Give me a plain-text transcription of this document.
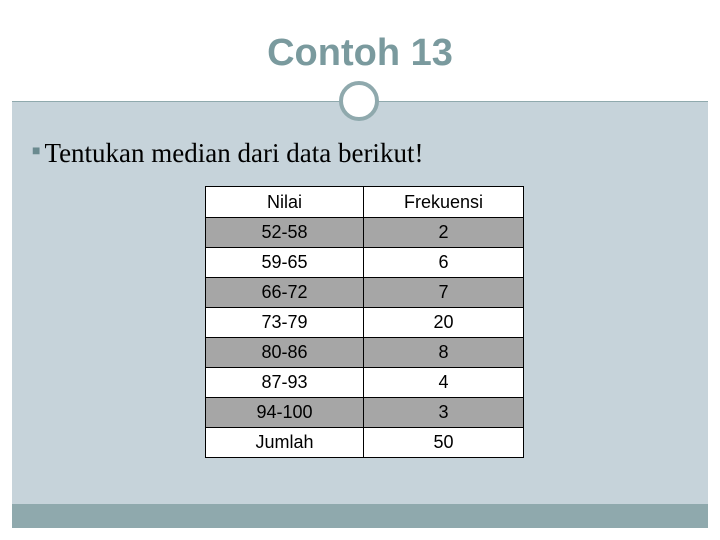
Contoh 13
■ Tentukan median dari data berikut!
Nilai	Frekuensi
52-58	2
59-65	6
66-72	7
73-79	20
80-86	8
87-93	4
94-100	3
Jumlah	50
